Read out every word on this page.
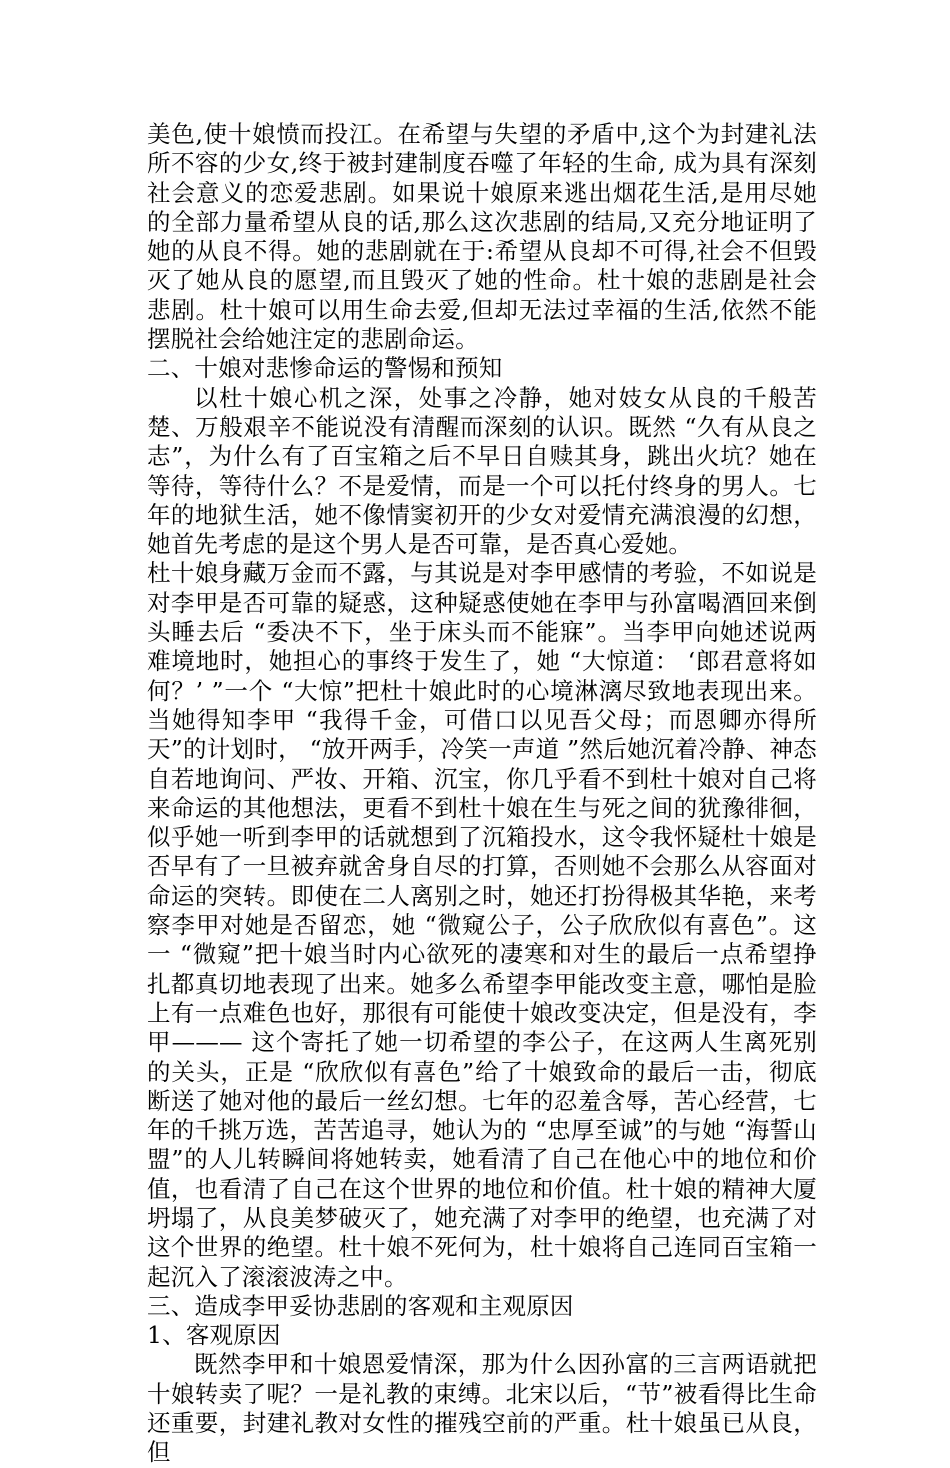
美色,使十娘愤而投江。在希望与失望的矛盾中,这个为封建礼法所不容的少女,终于被封建制度吞噬了年轻的生命, 成为具有深刻社会意义的恋爱悲剧。如果说十娘原来逃出烟花生活,是用尽她的全部力量希望从良的话,那么这次悲剧的结局,又充分地证明了她的从良不得。她的悲剧就在于:希望从良却不可得,社会不但毁灭了她从良的愿望,而且毁灭了她的性命。杜十娘的悲剧是社会悲剧。杜十娘可以用生命去爱,但却无法过幸福的生活,依然不能摆脱社会给她注定的悲剧命运。

二、十娘对悲惨命运的警惕和预知

以杜十娘心机之深，处事之冷静，她对妓女从良的千般苦楚、万般艰辛不能说没有清醒而深刻的认识。既然 “久有从良之志”，为什么有了百宝箱之后不早日自赎其身，跳出火坑？她在等待，等待什么？不是爱情，而是一个可以托付终身的男人。七年的地狱生活，她不像情窦初开的少女对爱情充满浪漫的幻想，她首先考虑的是这个男人是否可靠，是否真心爱她。

杜十娘身藏万金而不露，与其说是对李甲感情的考验，不如说是对李甲是否可靠的疑惑，这种疑惑使她在李甲与孙富喝酒回来倒头睡去后 “委决不下，坐于床头而不能寐”。当李甲向她述说两难境地时，她担心的事终于发生了，她 “大惊道： ‘郎君意将如何？’ ”一个 “大惊”把杜十娘此时的心境淋漓尽致地表现出来。当她得知李甲 “我得千金，可借口以见吾父母；而恩卿亦得所天”的计划时， “放开两手，冷笑一声道 ”然后她沉着冷静、神态自若地询问、严妆、开箱、沉宝，你几乎看不到杜十娘对自己将来命运的其他想法，更看不到杜十娘在生与死之间的犹豫徘徊，似乎她一听到李甲的话就想到了沉箱投水，这令我怀疑杜十娘是否早有了一旦被弃就舍身自尽的打算，否则她不会那么从容面对命运的突转。即使在二人离别之时，她还打扮得极其华艳，来考察李甲对她是否留恋，她 “微窥公子，公子欣欣似有喜色”。这一 “微窥”把十娘当时内心欲死的凄寒和对生的最后一点希望挣扎都真切地表现了出来。她多么希望李甲能改变主意，哪怕是脸上有一点难色也好，那很有可能使十娘改变决定，但是没有，李甲——— 这个寄托了她一切希望的李公子，在这两人生离死别的关头，正是 “欣欣似有喜色”给了十娘致命的最后一击，彻底断送了她对他的最后一丝幻想。七年的忍羞含辱，苦心经营，七年的千挑万选，苦苦追寻，她认为的 “忠厚至诚”的与她 “海誓山盟”的人儿转瞬间将她转卖，她看清了自己在他心中的地位和价值，也看清了自己在这个世界的地位和价值。杜十娘的精神大厦坍塌了，从良美梦破灭了，她充满了对李甲的绝望，也充满了对这个世界的绝望。杜十娘不死何为，杜十娘将自己连同百宝箱一起沉入了滚滚波涛之中。

三、造成李甲妥协悲剧的客观和主观原因

1、客观原因

既然李甲和十娘恩爱情深，那为什么因孙富的三言两语就把十娘转卖了呢？一是礼教的束缚。北宋以后，“节”被看得比生命还重要，封建礼教对女性的摧残空前的严重。杜十娘虽已从良，但
